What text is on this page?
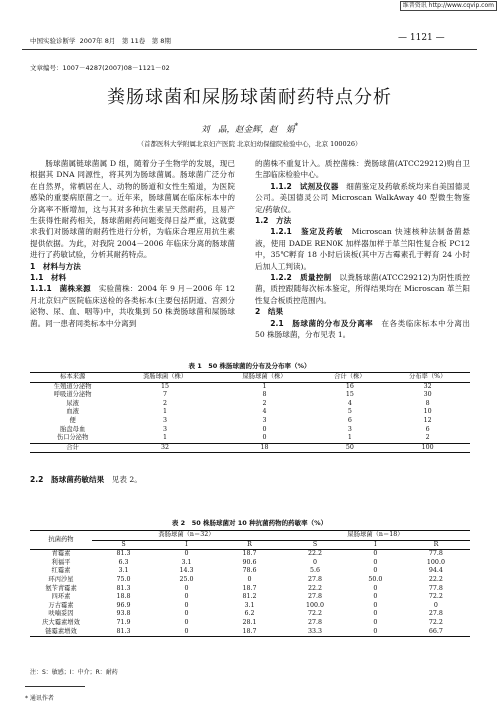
维普资讯 http://www.cqvip.com
中国实验诊断学 2007年 8月　第 11卷　第 8期	— 1121 —
文章编号：1007－4287(2007)08－1121－02
粪肠球菌和屎肠球菌耐药特点分析
刘　晶，赵金辉，赵　娟*
（首都医科大学附属北京妇产医院 北京妇幼保健院检验中心，北京 100026）

肠球菌属链球菌属 D 组，随着分子生物学的发展，现已根据其 DNA 同源性，将其列为肠球菌属。肠球菌广泛分布在自然界，常栖居在人、动物的肠道和女性生殖道，为医院感染的重要病原菌之一。近年来，肠球菌属在临床标本中的分离率不断增加，这与其对多种抗生素呈天然耐药，且易产生获得性耐药相关，肠球菌耐药问题变得日益严重，这就要求我们对肠球菌的耐药性进行分析，为临床合理应用抗生素提供依据。为此，对我院 2004－2006 年临床分离的肠球菌进行了药敏试验，分析其耐药特点。

1　材料与方法

1.1　材料

1.1.1　菌株来源　 实验菌株：2004 年 9 月－2006 年 12 月北京妇产医院临床送检的各类标本(主要包括阴道、宫颈分泌物、尿、血、咽等)中，共收集到 50 株粪肠球菌和屎肠球菌。同一患者同类标本中分离到

的菌株不重复计入。质控菌株：粪肠球菌(ATCC29212)购自卫生部临床检验中心。

1.1.2　试剂及仪器　 细菌鉴定及药敏系统均来自美国德灵公司。美国德灵公司 Microscan WalkAway 40 型微生物鉴定/药敏仪。

1.2　方法

1.2.1　鉴定及药敏　 Microscan 快速核种法制备菌悬液，使用 DADE REN0K 加样器加样于革兰阳性复合板 PC12 中，35℃孵育 18 小时后读板(其中万古霉素孔于孵育 24 小时后加人工判读)。

1.2.2　质量控制　 以粪肠球菌(ATCC29212)为阴性质控菌，质控跟随每次标本鉴定，所得结果均在 Microscan 革兰阳性复合板质控范围内。

2　结果

2.1　肠球菌的分布及分离率　 在各类临床标本中分离出 50 株肠球菌，分布见表 1。

表 1　50 株肠球菌的分布及分布率（%）
标本来源	粪肠球菌（株）	屎肠球菌（株）	合计（株）	分布率（%）
生殖道分泌物	15	1	16	32
呼吸道分泌物	7	8	15	30
尿液	2	2	4	8
血液	1	4	5	10
便	3	3	6	12
胎盘母血	3	0	3	6
伤口分泌物	1	0	1	2
合计	32	18	50	100

2.2　肠球菌药敏结果　 见表 2。

表 2　50 株肠球菌对 10 种抗菌药物的药敏率（%）
抗菌药物	粪肠球菌（n＝32）			屎肠球菌（n＝18）		
	S	I	R	S	I	R
青霉素	81.3	0	18.7	22.2	0	77.8
利福平	6.3	3.1	90.6	0	0	100.0
红霉素	3.1	14.3	78.6	5.6	0	94.4
环丙沙星	75.0	25.0	0	27.8	50.0	22.2
氨苄青霉素	81.3	0	18.7	22.2	0	77.8
四环素	18.8	0	81.2	27.8	0	72.2
万古霉素	96.9	0	3.1	100.0	0	0
呋喃妥因	93.8	0	6.2	72.2	0	27.8
庆大霉素增效	71.9	0	28.1	27.8	0	72.2
链霉素增效	81.3	0	18.7	33.3	0	66.7
注：S：敏感；I：中介；R：耐药
* 通讯作者
